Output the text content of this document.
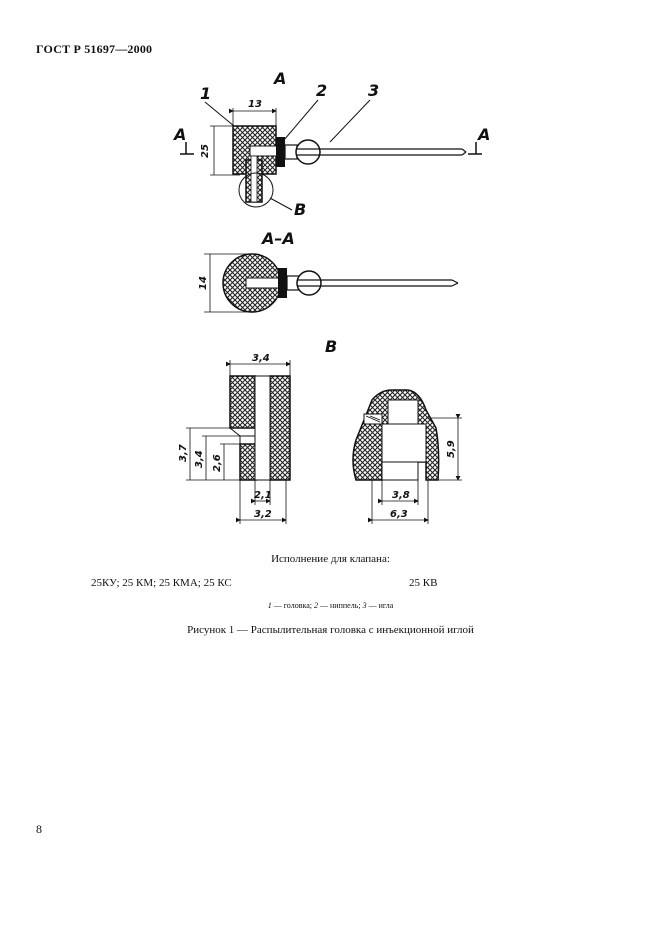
ГОСТ Р 51697—2000
А
1	2	3
13
25
А	А
В
А–А
14
В
3,4
3,7 3,4 2,6
2,1
3,2
5,9
3,8
6,3
Исполнение для клапана:
25КУ; 25 КМ; 25 КМА; 25 КС	25 КВ
1 — головка; 2 — ниппель; 3 — игла
Рисунок 1 — Распылительная головка с инъекционной иглой
8
